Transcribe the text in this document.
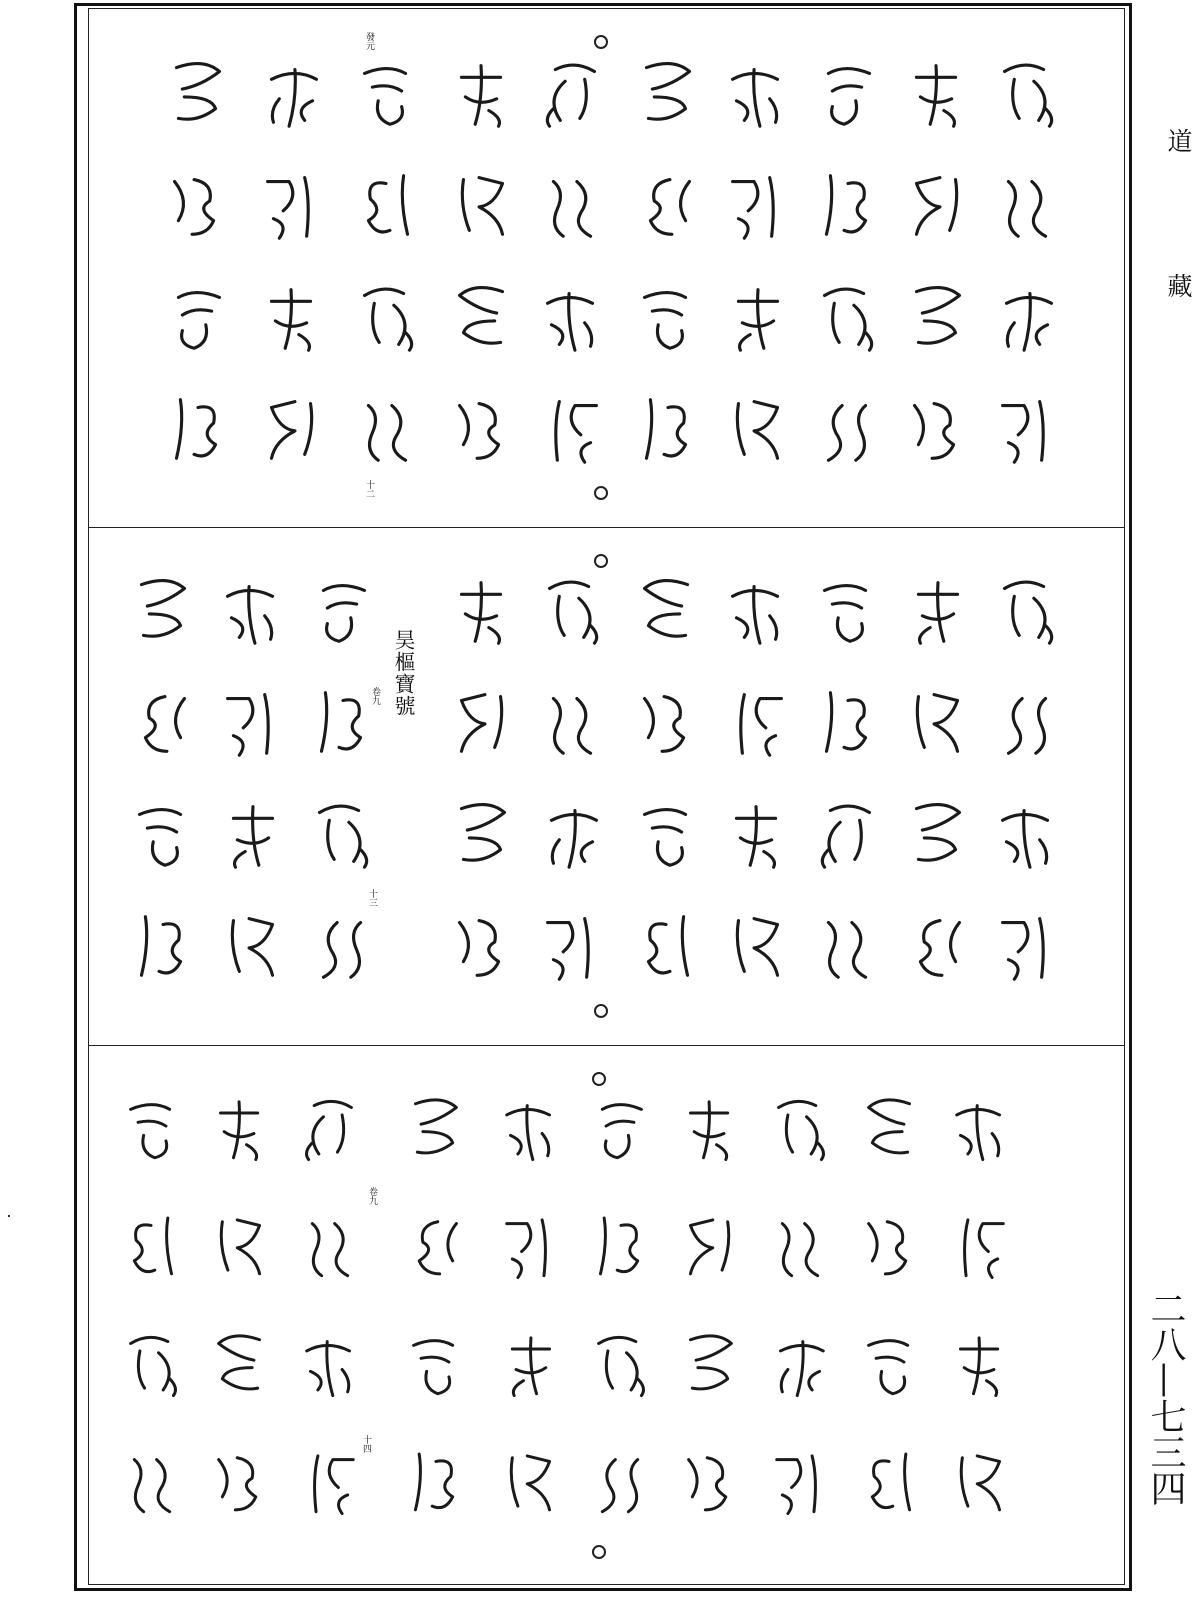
發元
十二
昊樞寶號
卷九
十三
卷九
十四
道藏
二八—七三四
